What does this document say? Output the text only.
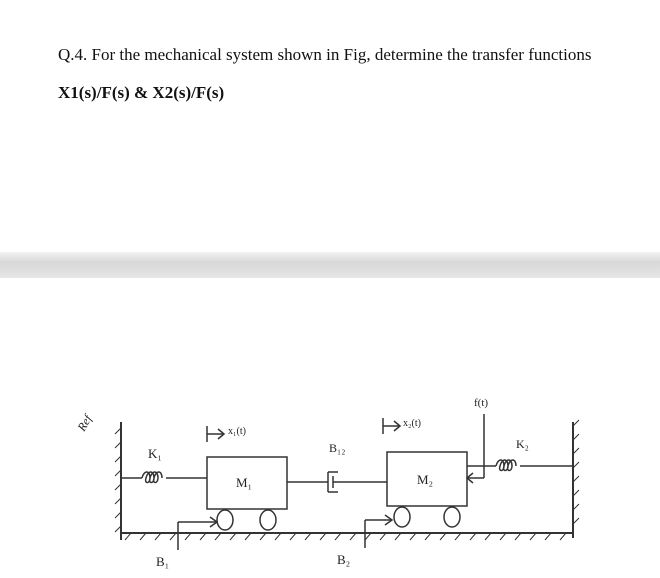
Q.4. For the mechanical system shown in Fig, determine the transfer functions
X1(s)/F(s) & X2(s)/F(s)
Ref
K₁
M₁
x₁(t)
B₁
B₁₂
M₂
x₂(t)
B₂
f(t)
K₂
